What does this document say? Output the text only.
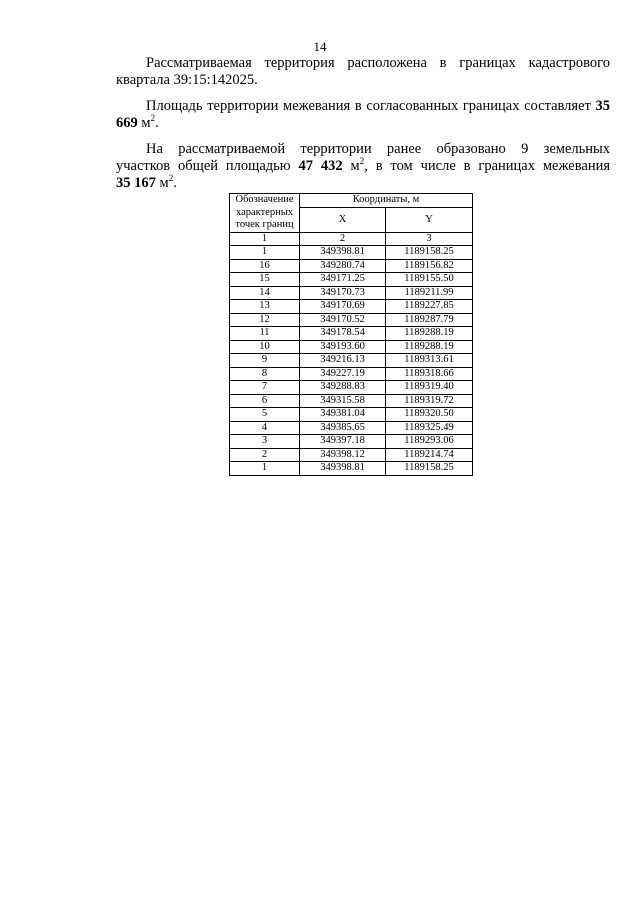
14
Рассматриваемая территория расположена в границах кадастрового квартала 39:15:142025.
Площадь территории межевания в согласованных границах составляет 35 669 $м^2$.
На рассматриваемой территории ранее образовано 9 земельных
участков общей площадью 47 432 $м^2$, в том числе в границах межевания
35 167 $м^2$.
Обозначение характерных точек границ	Координаты, м	
	X	Y
1	2	3
1	349398.81	1189158.25
16	349280.74	1189156.82
15	349171.25	1189155.50
14	349170.73	1189211.99
13	349170.69	1189227.85
12	349170.52	1189287.79
11	349178.54	1189288.19
10	349193.60	1189288.19
9	349216.13	1189313.61
8	349227.19	1189318.66
7	349288.83	1189319.40
6	349315.58	1189319.72
5	349381.04	1189320.50
4	349385.65	1189325.49
3	349397.18	1189293.06
2	349398.12	1189214.74
1	349398.81	1189158.25
